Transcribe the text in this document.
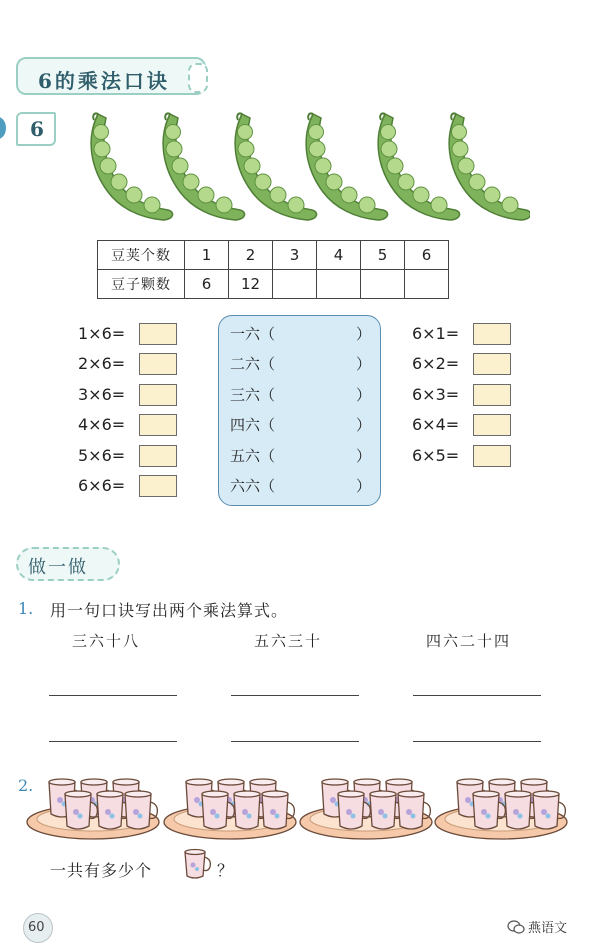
6的乘法口诀
6
豆荚个数	1	2	3	4	5	6
豆子颗数	6	12				
1×6=
2×6=
3×6=
4×6=
5×6=
6×6=
一六（	）
二六（	）
三六（	）
四六（	）
五六（	）
六六（	）
6×1=
6×2=
6×3=
6×4=
6×5=
做一做
1. 用一句口诀写出两个乘法算式。
三六十八	五六三十	四六二十四
2.
一共有多少个	？
60	燕语文
